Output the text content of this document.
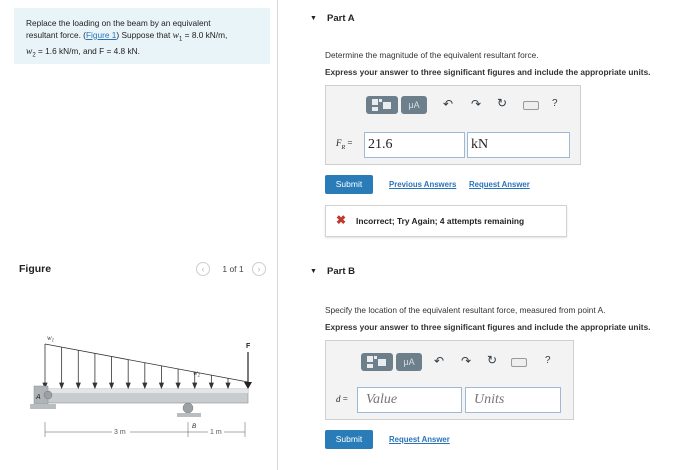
Replace the loading on the beam by an equivalent
resultant force. (Figure 1) Suppose that $w_1 = 8.0$ kN/m,
$w_2 = 1.6$ kN/m, and F = 4.8 kN.
Figure	‹	1 of 1	›
$w_1$
$w_2$
F
A
3 m	1 m
B
▼ Part A
Determine the magnitude of the equivalent resultant force.
Express your answer to three significant figures and include the appropriate units.
μA	↶ ↷ ↻	?
$F_R = 21.6$	kN
Submit	Previous Answers Request Answer
✖ Incorrect; Try Again; 4 attempts remaining
▼ Part B
Specify the location of the equivalent resultant force, measured from point A.
Express your answer to three significant figures and include the appropriate units.
μA	↶ ↷ ↻	?
d =
Value
Units
Submit	Request Answer
